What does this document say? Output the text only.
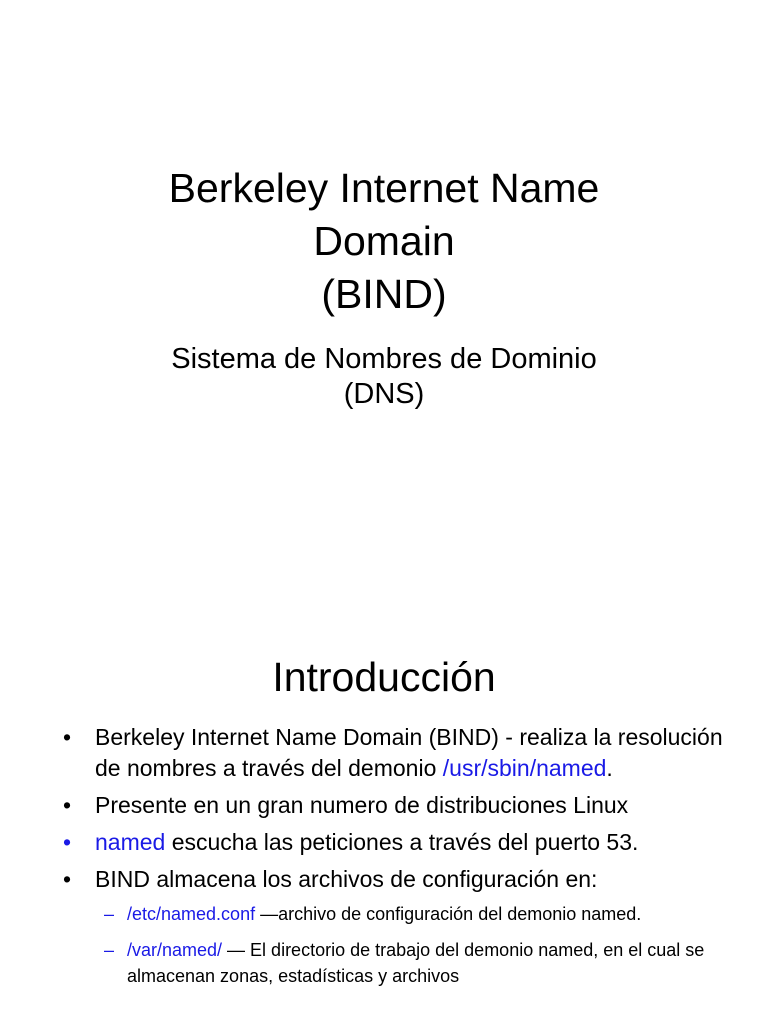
Berkeley Internet Name
Domain
(BIND)
Sistema de Nombres de Dominio
(DNS)
Introducción
• Berkeley Internet Name Domain (BIND) - realiza la resolución de nombres a través del demonio /usr/sbin/named.
• Presente en un gran numero de distribuciones Linux
• named escucha las peticiones a través del puerto 53.
• BIND almacena los archivos de configuración en:
– /etc/named.conf —archivo de configuración del demonio named.
– /var/named/ — El directorio de trabajo del demonio named, en el cual se almacenan zonas, estadísticas y archivos
